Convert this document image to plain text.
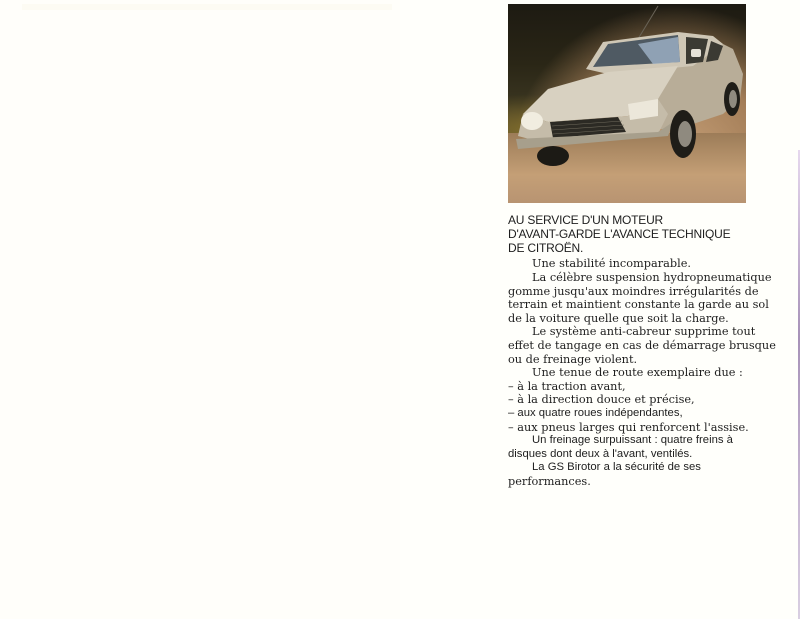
AU SERVICE D'UN MOTEUR
D'AVANT-GARDE L'AVANCE TECHNIQUE
DE CITROËN.

Une stabilité incomparable.

La célèbre suspension hydropneumatique

gomme jusqu'aux moindres irrégularités de

terrain et maintient constante la garde au sol

de la voiture quelle que soit la charge.

Le système anti-cabreur supprime tout

effet de tangage en cas de démarrage brusque

ou de freinage violent.

Une tenue de route exemplaire due :

– à la traction avant,

– à la direction douce et précise,

– aux quatre roues indépendantes,

– aux pneus larges qui renforcent l'assise.

Un freinage surpuissant : quatre freins à

disques dont deux à l'avant, ventilés.

La GS Birotor a la sécurité de ses

performances.
